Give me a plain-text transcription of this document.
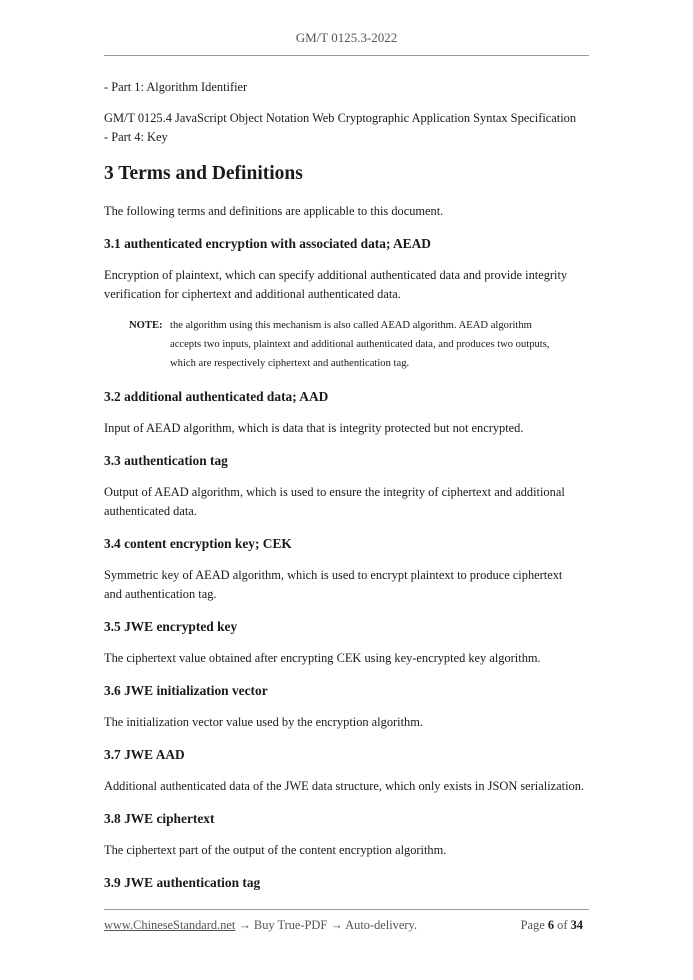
GM/T 0125.3-2022

- Part 1: Algorithm Identifier

GM/T 0125.4 JavaScript Object Notation Web Cryptographic Application Syntax Specification

- Part 4: Key

3 Terms and Definitions

The following terms and definitions are applicable to this document.

3.1 authenticated encryption with associated data; AEAD

Encryption of plaintext, which can specify additional authenticated data and provide integrity

verification for ciphertext and additional authenticated data.

NOTE: the algorithm using this mechanism is also called AEAD algorithm. AEAD algorithm
accepts two inputs, plaintext and additional authenticated data, and produces two outputs,
which are respectively ciphertext and authentication tag.

3.2 additional authenticated data; AAD

Input of AEAD algorithm, which is data that is integrity protected but not encrypted.

3.3 authentication tag

Output of AEAD algorithm, which is used to ensure the integrity of ciphertext and additional

authenticated data.

3.4 content encryption key; CEK

Symmetric key of AEAD algorithm, which is used to encrypt plaintext to produce ciphertext

and authentication tag.

3.5 JWE encrypted key

The ciphertext value obtained after encrypting CEK using key-encrypted key algorithm.

3.6 JWE initialization vector

The initialization vector value used by the encryption algorithm.

3.7 JWE AAD

Additional authenticated data of the JWE data structure, which only exists in JSON serialization.

3.8 JWE ciphertext

The ciphertext part of the output of the content encryption algorithm.

3.9 JWE authentication tag

www.ChineseStandard.net → Buy True-PDF → Auto-delivery.	Page 6 of 34
